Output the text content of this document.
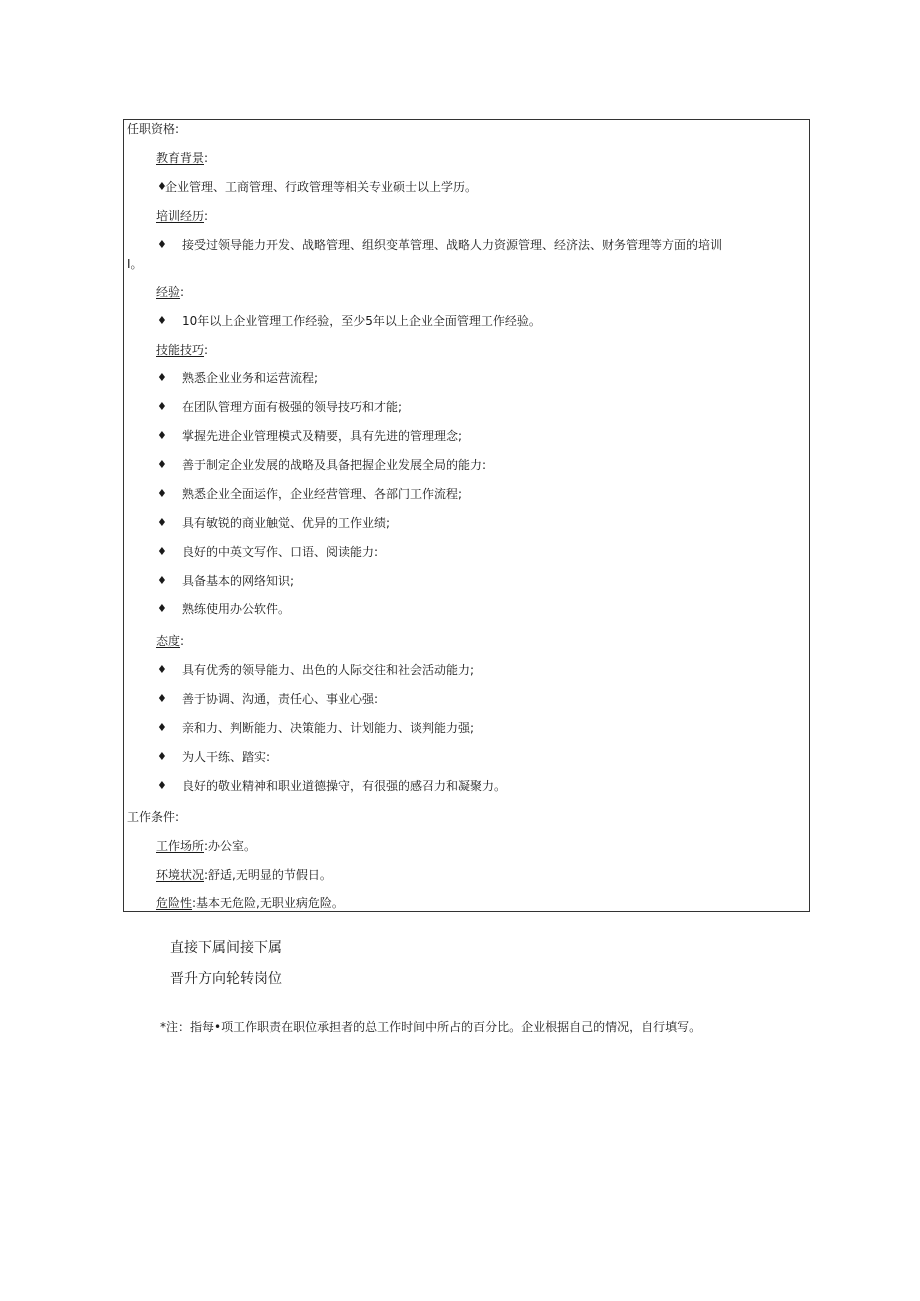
任职资格:
教育背景:
♦
企业管理、工商管理、行政管理等相关专业硕士以上学历。
培训经历:
♦ 接受过领导能力开发、战略管理、组织变革管理、战略人力资源管理、经济法、财务管理等方面的培训
I。
经验:
♦ 10年以上企业管理工作经验，至少5年以上企业全面管理工作经验。
技能技巧:
♦ 熟悉企业业务和运营流程;
♦ 在团队管理方面有极强的领导技巧和才能;
♦ 掌握先进企业管理模式及精要，具有先进的管理理念;
♦ 善于制定企业发展的战略及具备把握企业发展全局的能力:
♦ 熟悉企业全面运作，企业经营管理、各部门工作流程;
♦ 具有敏锐的商业触觉、优异的工作业绩;
♦ 良好的中英文写作、口语、阅读能力:
♦ 具备基本的网络知识;
♦ 熟练使用办公软件。
态度:
♦ 具有优秀的领导能力、出色的人际交往和社会活动能力;
♦ 善于协调、沟通，责任心、事业心强:
♦ 亲和力、判断能力、决策能力、计划能力、谈判能力强;
♦ 为人干练、踏实:
♦ 良好的敬业精神和职业道德操守，有很强的感召力和凝聚力。
工作条件:
工作场所:办公室。
环境状况:舒适,无明显的节假日。
危险性:基本无危险,无职业病危险。
直接下属间接下属
晋升方向轮转岗位
*注：指每•项工作职责在职位承担者的总工作时间中所占的百分比。企业根据自己的情况，自行填写。
